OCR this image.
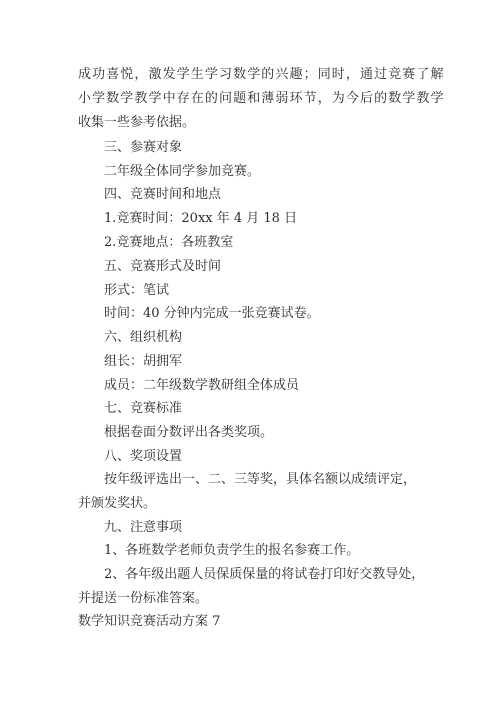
成功喜悦，激发学生学习数学的兴趣；同时，通过竞赛了解
小学数学教学中存在的问题和薄弱环节，为今后的数学教学
收集一些参考依据。
三、参赛对象
二年级全体同学参加竞赛。
四、竞赛时间和地点
1.竞赛时间：20xx 年 4 月 18 日
2.竞赛地点：各班教室
五、竞赛形式及时间
形式：笔试
时间：40 分钟内完成一张竞赛试卷。
六、组织机构
组长：胡拥军
成员：二年级数学教研组全体成员
七、竞赛标准
根据卷面分数评出各类奖项。
八、奖项设置
按年级评选出一、二、三等奖，具体名额以成绩评定，
并颁发奖状。
九、注意事项
1、各班数学老师负责学生的报名参赛工作。
2、各年级出题人员保质保量的将试卷打印好交教导处，
并提送一份标准答案。
数学知识竞赛活动方案 7
